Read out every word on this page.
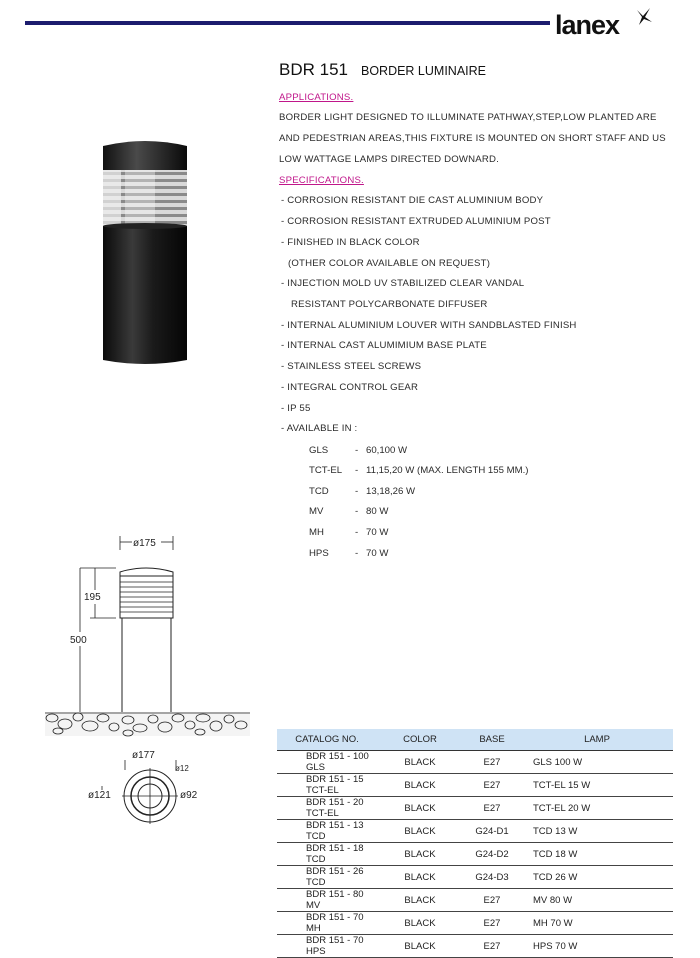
lanex
BDR 151 BORDER LUMINAIRE
APPLICATIONS.
BORDER LIGHT DESIGNED TO ILLUMINATE PATHWAY,STEP,LOW PLANTED ARE
AND PEDESTRIAN AREAS,THIS FIXTURE IS MOUNTED ON SHORT STAFF AND US
LOW WATTAGE LAMPS DIRECTED DOWNARD.
SPECIFICATIONS.
- CORROSION RESISTANT DIE CAST ALUMINIUM BODY
- CORROSION RESISTANT EXTRUDED ALUMINIUM POST
- FINISHED IN BLACK COLOR
(OTHER COLOR AVAILABLE ON REQUEST)
- INJECTION MOLD UV STABILIZED CLEAR VANDAL
RESISTANT POLYCARBONATE DIFFUSER
- INTERNAL ALUMINIUM LOUVER WITH SANDBLASTED FINISH
- INTERNAL CAST ALUMIMIUM BASE PLATE
- STAINLESS STEEL SCREWS
- INTEGRAL CONTROL GEAR
- IP 55
- AVAILABLE IN :
GLS	- 60,100 W
TCT-EL - 11,15,20 W (MAX. LENGTH 155 MM.)
TCD	- 13,18,26 W
MV	- 80 W
MH	- 70 W
HPS	- 70 W
ø175
195
500
ø177
ø12
ø121	ø92
CATALOG NO.	COLOR	BASE	LAMP
BDR 151 - 100 GLS	BLACK	E27	GLS 100 W
BDR 151 - 15 TCT-EL	BLACK	E27	TCT-EL 15 W
BDR 151 - 20 TCT-EL	BLACK	E27	TCT-EL 20 W
BDR 151 - 13 TCD	BLACK	G24-D1	TCD 13 W
BDR 151 - 18 TCD	BLACK	G24-D2	TCD 18 W
BDR 151 - 26 TCD	BLACK	G24-D3	TCD 26 W
BDR 151 - 80 MV	BLACK	E27	MV 80 W
BDR 151 - 70 MH	BLACK	E27	MH 70 W
BDR 151 - 70 HPS	BLACK	E27	HPS 70 W
